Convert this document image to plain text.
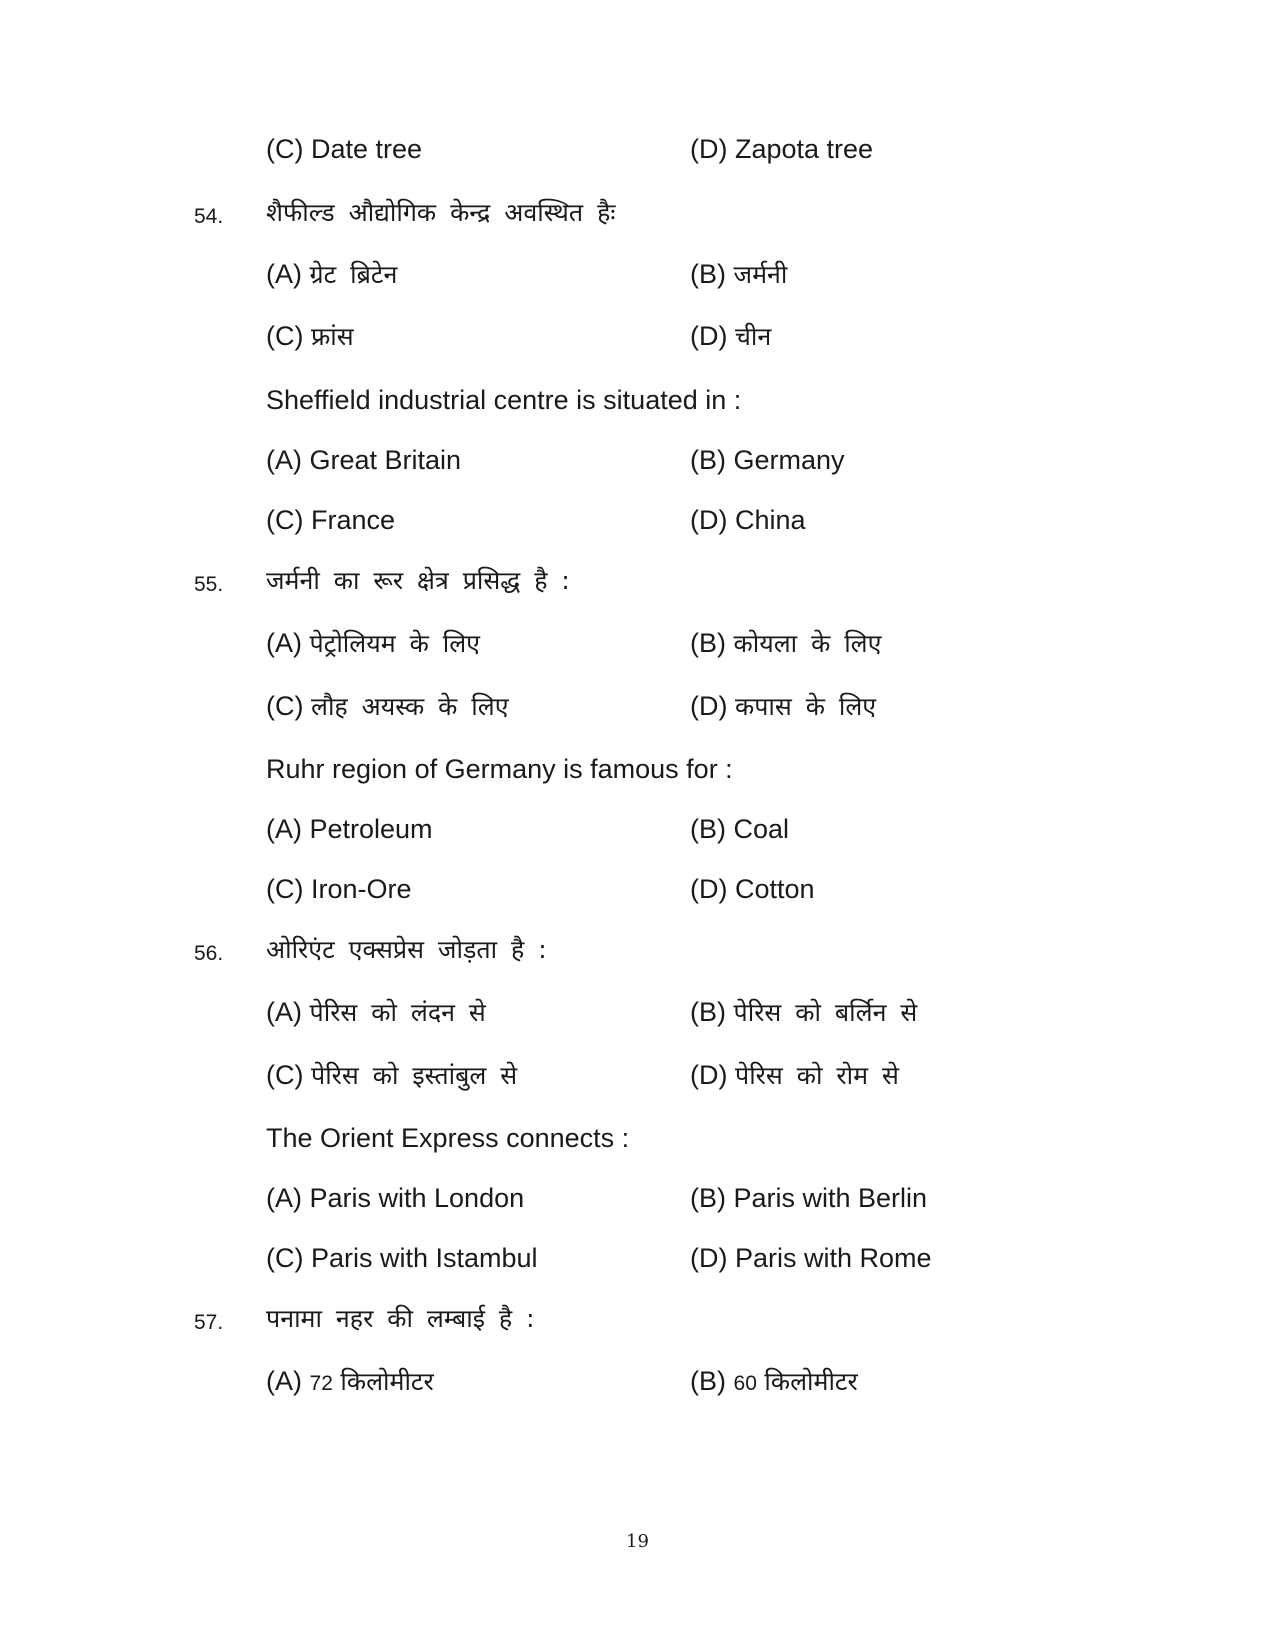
(C) Date tree	(D) Zapota tree
54. शैफील्ड औद्योगिक केन्द्र अवस्थित हैः
(A) ग्रेट ब्रिटेन	(B) जर्मनी
(C) फ्रांस	(D) चीन
Sheffield industrial centre is situated in :
(A) Great Britain	(B) Germany
(C) France	(D) China
55. जर्मनी का रूर क्षेत्र प्रसिद्ध है :
(A) पेट्रोलियम के लिए	(B) कोयला के लिए
(C) लौह अयस्क के लिए	(D) कपास के लिए
Ruhr region of Germany is famous for :
(A) Petroleum	(B) Coal
(C) Iron-Ore	(D) Cotton
56. ओरिएंट एक्सप्रेस जोड़ता है :
(A) पेरिस को लंदन से	(B) पेरिस को बर्लिन से
(C) पेरिस को इस्तांबुल से	(D) पेरिस को रोम से
The Orient Express connects :
(A) Paris with London	(B) Paris with Berlin
(C) Paris with Istambul	(D) Paris with Rome
57. पनामा नहर की लम्बाई है :
(A) 72 किलोमीटर	(B) 60 किलोमीटर
19
